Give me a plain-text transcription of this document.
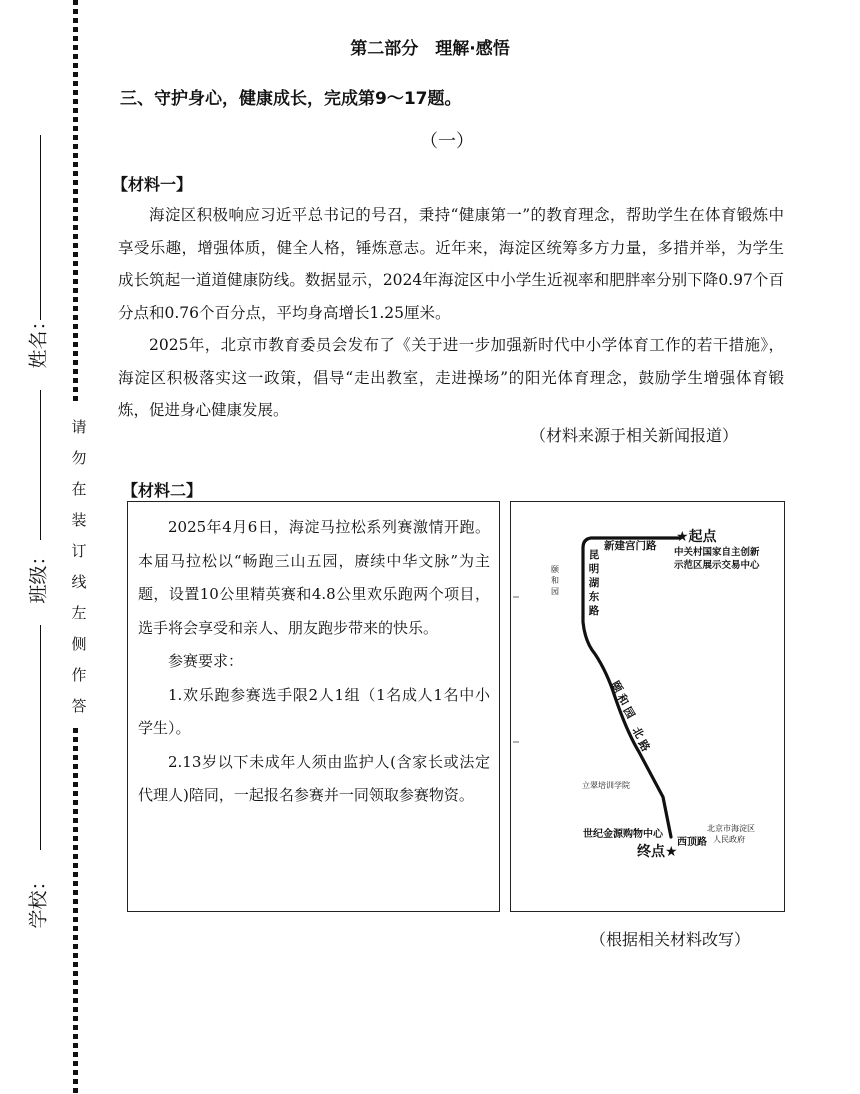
姓名：
班级：
学校：
请
勿
在
装
订
线
左
侧
作
答
第二部分　理解·感悟
三、守护身心，健康成长，完成第9～17题。
（一）
【材料一】

海淀区积极响应习近平总书记的号召，秉持“健康第一”的教育理念，帮助学生在体育锻炼中享受乐趣，增强体质，健全人格，锤炼意志。近年来，海淀区统筹多方力量，多措并举，为学生成长筑起一道道健康防线。数据显示，2024年海淀区中小学生近视率和肥胖率分别下降0.97个百分点和0.76个百分点，平均身高增长1.25厘米。

2025年，北京市教育委员会发布了《关于进一步加强新时代中小学体育工作的若干措施》，海淀区积极落实这一政策，倡导“走出教室，走进操场”的阳光体育理念，鼓励学生增强体育锻炼，促进身心健康发展。

（材料来源于相关新闻报道）
【材料二】

2025年4月6日，海淀马拉松系列赛激情开跑。本届马拉松以“畅跑三山五园，赓续中华文脉”为主题，设置10公里精英赛和4.8公里欢乐跑两个项目，选手将会享受和亲人、朋友跑步带来的快乐。

参赛要求：

1.欢乐跑参赛选手限2人1组（1名成人1名中小学生）。

2.13岁以下未成年人须由监护人(含家长或法定代理人)陪同，一起报名参赛并一同领取参赛物资。

★起点
中关村国家自主创新
示范区展示交易中心
新建宫门路
昆
明
湖
东
路
颐
和
园
颐
和
园
北
路
立翠培训学院
世纪金源购物中心
西顶路
终点★
北京市海淀区
人民政府
（根据相关材料改写）
